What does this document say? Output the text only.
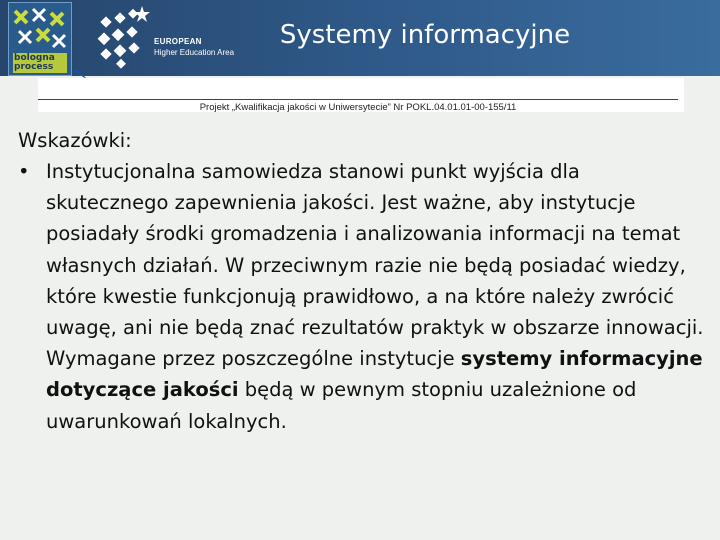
bologna process
EUROPEAN
Higher Education Area
Systemy informacyjne
Projekt „Kwalifikacja jakości w Uniwersytecie” Nr POKL.04.01.01-00-155/11
Wskazówki:
• Instytucjonalna samowiedza stanowi punkt wyjścia dla skutecznego zapewnienia jakości. Jest ważne, aby instytucje posiadały środki gromadzenia i analizowania informacji na temat własnych działań. W przeciwnym razie nie będą posiadać wiedzy, które kwestie funkcjonują prawidłowo, a na które należy zwrócić uwagę, ani nie będą znać rezultatów praktyk w obszarze innowacji. Wymagane przez poszczególne instytucje systemy informacyjne dotyczące jakości będą w pewnym stopniu uzależnione od uwarunkowań lokalnych.
